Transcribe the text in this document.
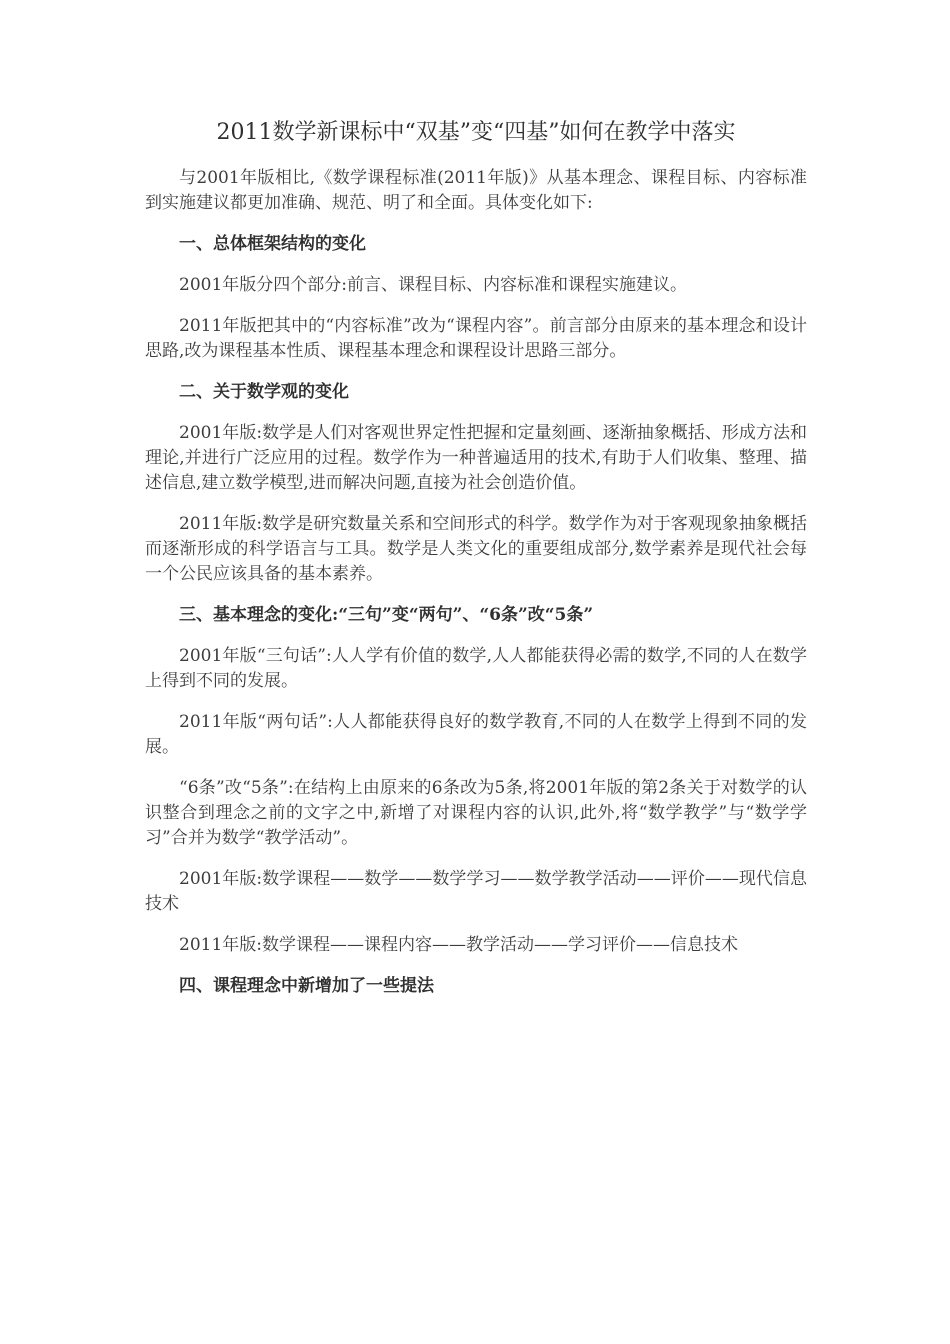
2011数学新课标中“双基”变“四基”如何在教学中落实

与2001年版相比,《数学课程标准(2011年版)》从基本理念、课程目标、内容标准到实施建议都更加准确、规范、明了和全面。具体变化如下:

一、总体框架结构的变化

2001年版分四个部分:前言、课程目标、内容标准和课程实施建议。

2011年版把其中的“内容标准”改为“课程内容”。前言部分由原来的基本理念和设计思路,改为课程基本性质、课程基本理念和课程设计思路三部分。

二、关于数学观的变化

2001年版:数学是人们对客观世界定性把握和定量刻画、逐渐抽象概括、形成方法和理论,并进行广泛应用的过程。数学作为一种普遍适用的技术,有助于人们收集、整理、描述信息,建立数学模型,进而解决问题,直接为社会创造价值。

2011年版:数学是研究数量关系和空间形式的科学。数学作为对于客观现象抽象概括而逐渐形成的科学语言与工具。数学是人类文化的重要组成部分,数学素养是现代社会每一个公民应该具备的基本素养。

三、基本理念的变化:“三句”变“两句”、“6条”改“5条”

2001年版“三句话”:人人学有价值的数学,人人都能获得必需的数学,不同的人在数学上得到不同的发展。

2011年版“两句话”:人人都能获得良好的数学教育,不同的人在数学上得到不同的发展。

“6条”改“5条”:在结构上由原来的6条改为5条,将2001年版的第2条关于对数学的认识整合到理念之前的文字之中,新增了对课程内容的认识,此外,将“数学教学”与“数学学习”合并为数学“教学活动”。

2001年版:数学课程——数学——数学学习——数学教学活动——评价——现代信息技术

2011年版:数学课程——课程内容——教学活动——学习评价——信息技术

四、课程理念中新增加了一些提法
